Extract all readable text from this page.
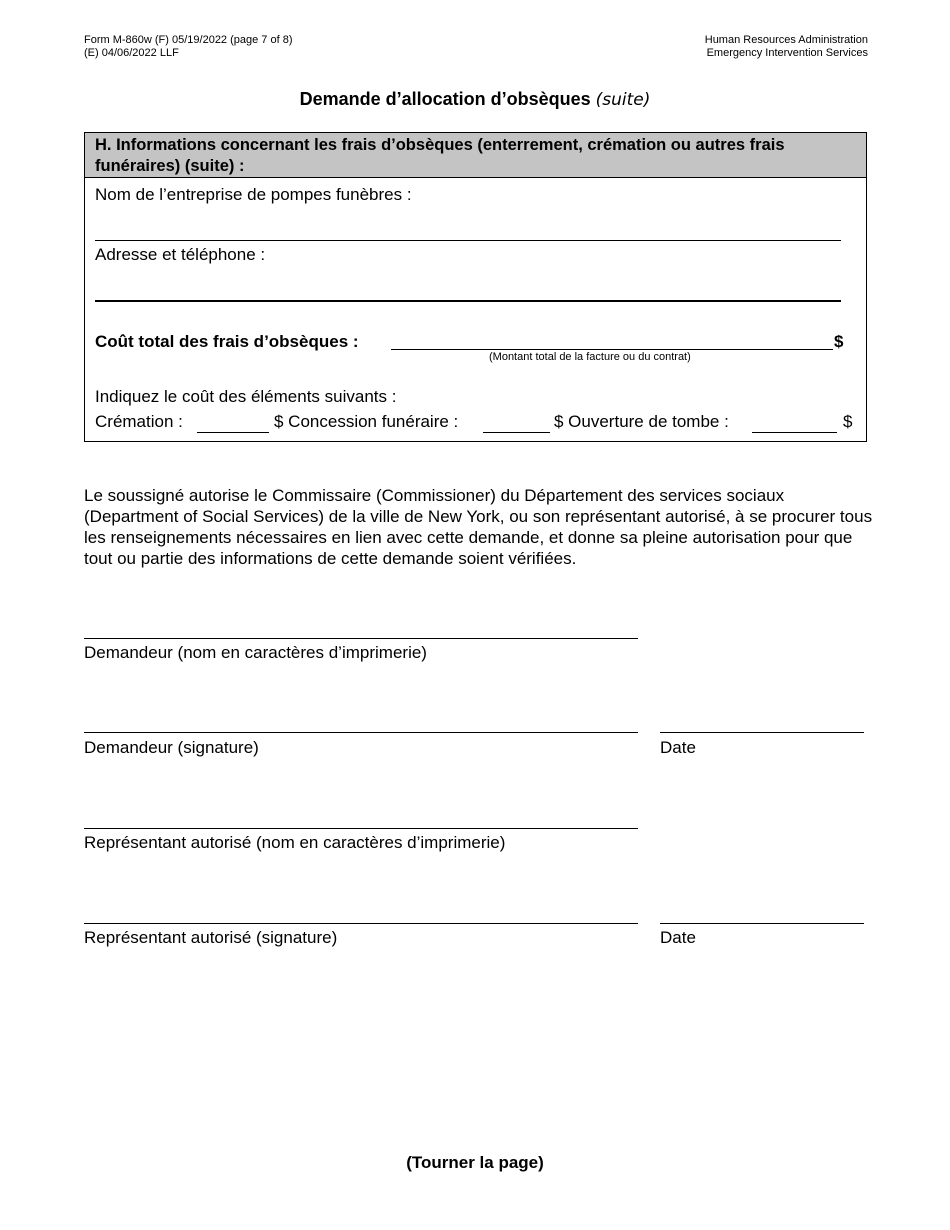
Form M-860w (F) 05/19/2022 (page 7 of 8)
(E) 04/06/2022 LLF
Human Resources Administration
Emergency Intervention Services
Demande d’allocation d’obsèques (suite)
H. Informations concernant les frais d’obsèques (enterrement, crémation ou autres frais funéraires) (suite) :
Nom de l’entreprise de pompes funèbres :
Adresse et téléphone :
Coût total des frais d’obsèques :	$
(Montant total de la facture ou du contrat)
Indiquez le coût des éléments suivants :
Crémation :	$ Concession funéraire :	$ Ouverture de tombe :	$
Le soussigné autorise le Commissaire (Commissioner) du Département des services sociaux (Department of Social Services) de la ville de New York, ou son représentant autorisé, à se procurer tous les renseignements nécessaires en lien avec cette demande, et donne sa pleine autorisation pour que tout ou partie des informations de cette demande soient vérifiées.
Demandeur (nom en caractères d’imprimerie)
Demandeur (signature)	Date
Représentant autorisé (nom en caractères d’imprimerie)
Représentant autorisé (signature)	Date
(Tourner la page)
